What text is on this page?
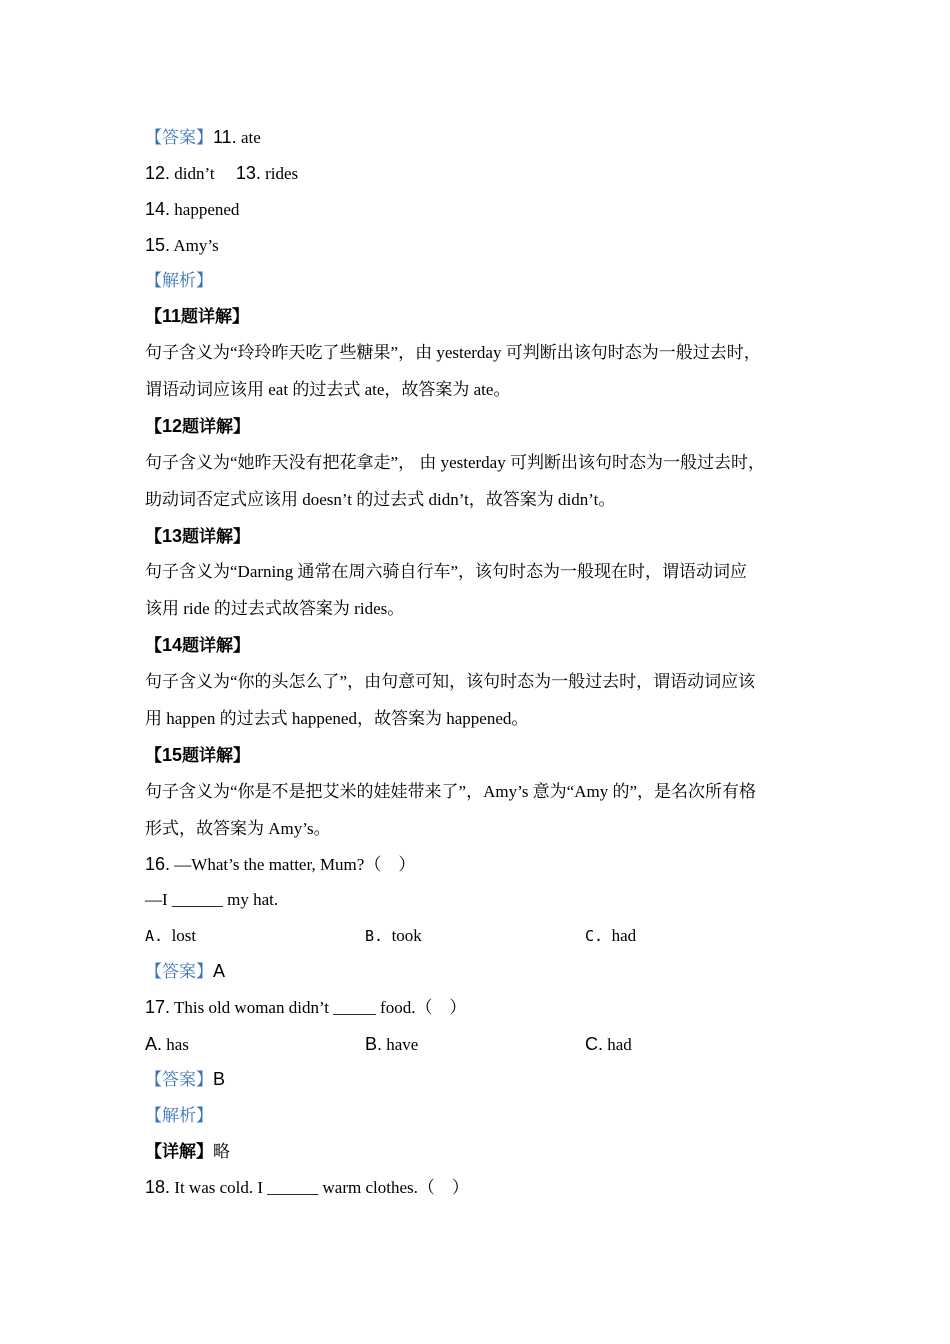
【答案】11. ate
12. didn’t 13. rides
14. happened
15. Amy’s
【解析】
【11题详解】
句子含义为“玲玲昨天吃了些糖果”，由 yesterday 可判断出该句时态为一般过去时，
谓语动词应该用 eat 的过去式 ate，故答案为 ate。
【12题详解】
句子含义为“她昨天没有把花拿走”， 由 yesterday 可判断出该句时态为一般过去时，
助动词否定式应该用 doesn’t 的过去式 didn’t，故答案为 didn’t。
【13题详解】
句子含义为“Darning 通常在周六骑自行车”，该句时态为一般现在时，谓语动词应
该用 ride 的过去式故答案为 rides。
【14题详解】
句子含义为“你的头怎么了”，由句意可知，该句时态为一般过去时，谓语动词应该
用 happen 的过去式 happened，故答案为 happened。
【15题详解】
句子含义为“你是不是把艾米的娃娃带来了”，Amy’s 意为“Amy 的”，是名次所有格
形式，故答案为 Amy’s。
16. —What’s the matter, Mum?（　）
—I ______ my hat.
A. lost	B. took	C. had
【答案】A
17. This old woman didn’t _____ food.（　）
A. has	B. have	C. had
【答案】B
【解析】
【详解】略
18. It was cold. I ______ warm clothes.（　）
